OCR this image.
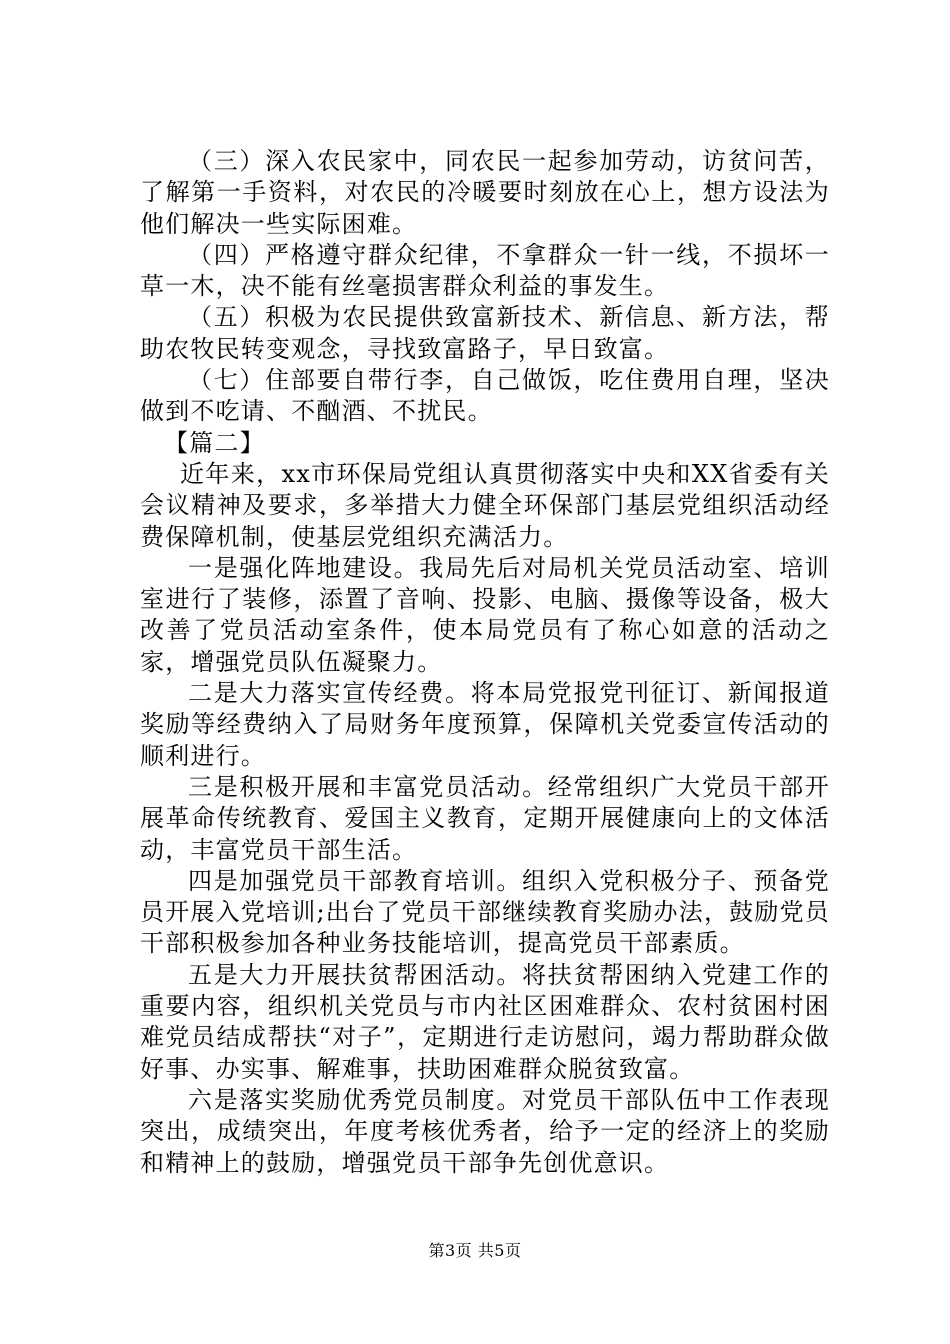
（三）深入农民家中，同农民一起参加劳动，访贫问苦，了解第一手资料，对农民的冷暖要时刻放在心上，想方设法为他们解决一些实际困难。

（四）严格遵守群众纪律，不拿群众一针一线，不损坏一草一木，决不能有丝毫损害群众利益的事发生。

（五）积极为农民提供致富新技术、新信息、新方法，帮助农牧民转变观念，寻找致富路子，早日致富。

（七）住部要自带行李，自己做饭，吃住费用自理，坚决做到不吃请、不酗酒、不扰民。

【篇二】

近年来，xx市环保局党组认真贯彻落实中央和XX省委有关会议精神及要求，多举措大力健全环保部门基层党组织活动经费保障机制，使基层党组织充满活力。

一是强化阵地建设。我局先后对局机关党员活动室、培训室进行了装修，添置了音响、投影、电脑、摄像等设备，极大改善了党员活动室条件，使本局党员有了称心如意的活动之家，增强党员队伍凝聚力。

二是大力落实宣传经费。将本局党报党刊征订、新闻报道奖励等经费纳入了局财务年度预算，保障机关党委宣传活动的顺利进行。

三是积极开展和丰富党员活动。经常组织广大党员干部开展革命传统教育、爱国主义教育，定期开展健康向上的文体活动，丰富党员干部生活。

四是加强党员干部教育培训。组织入党积极分子、预备党员开展入党培训;出台了党员干部继续教育奖励办法，鼓励党员干部积极参加各种业务技能培训，提高党员干部素质。

五是大力开展扶贫帮困活动。将扶贫帮困纳入党建工作的重要内容，组织机关党员与市内社区困难群众、农村贫困村困难党员结成帮扶“对子”，定期进行走访慰问，竭力帮助群众做好事、办实事、解难事，扶助困难群众脱贫致富。

六是落实奖励优秀党员制度。对党员干部队伍中工作表现突出，成绩突出，年度考核优秀者，给予一定的经济上的奖励和精神上的鼓励，增强党员干部争先创优意识。

第3页 共5页
